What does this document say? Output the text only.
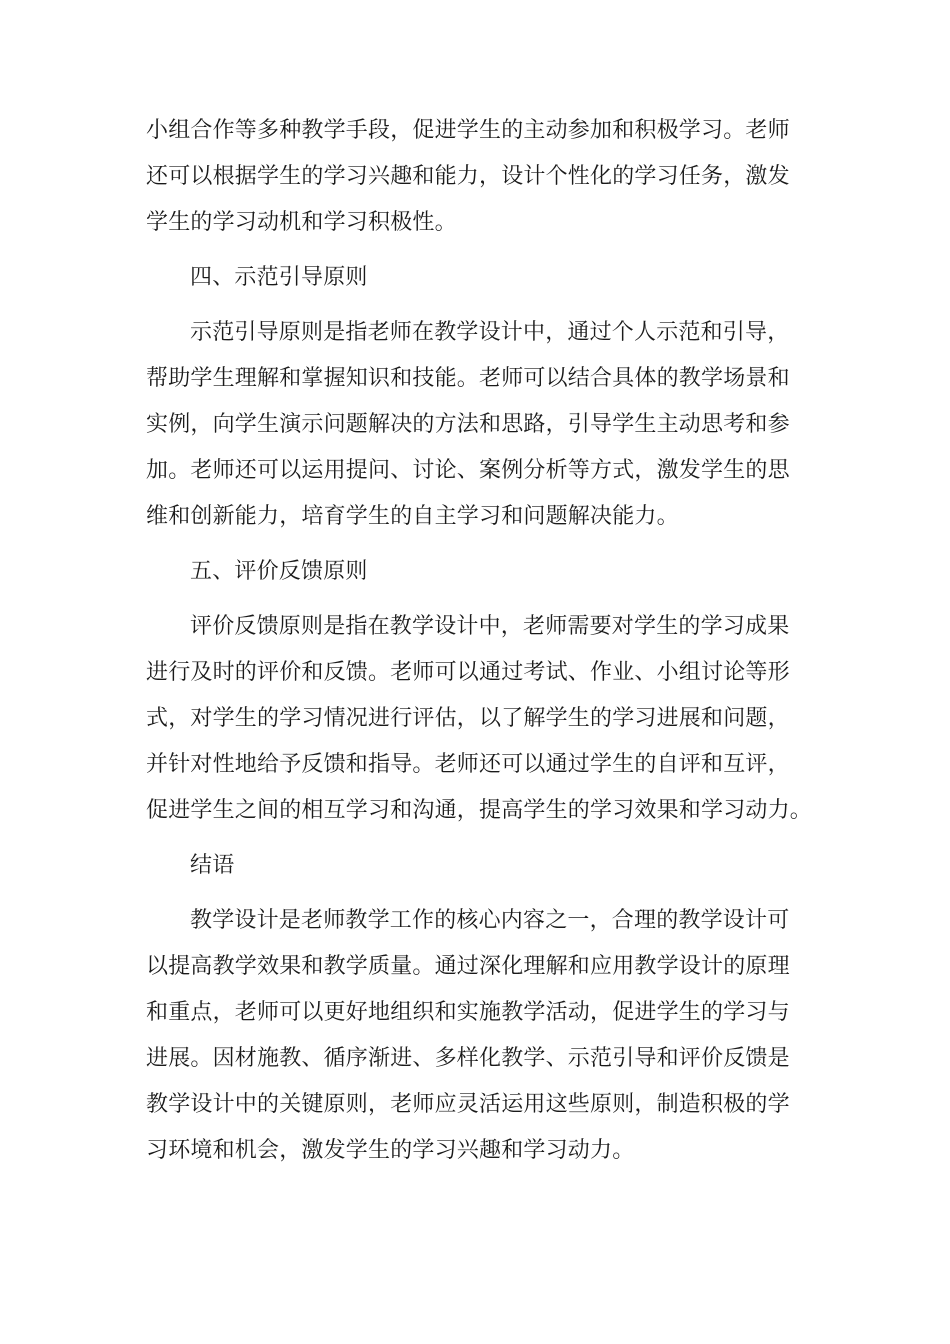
小组合作等多种教学手段，促进学生的主动参加和积极学习。老师
还可以根据学生的学习兴趣和能力，设计个性化的学习任务，激发
学生的学习动机和学习积极性。
四、示范引导原则
示范引导原则是指老师在教学设计中，通过个人示范和引导，
帮助学生理解和掌握知识和技能。老师可以结合具体的教学场景和
实例，向学生演示问题解决的方法和思路，引导学生主动思考和参
加。老师还可以运用提问、讨论、案例分析等方式，激发学生的思
维和创新能力，培育学生的自主学习和问题解决能力。
五、评价反馈原则
评价反馈原则是指在教学设计中，老师需要对学生的学习成果
进行及时的评价和反馈。老师可以通过考试、作业、小组讨论等形
式，对学生的学习情况进行评估，以了解学生的学习进展和问题，
并针对性地给予反馈和指导。老师还可以通过学生的自评和互评，
促进学生之间的相互学习和沟通，提高学生的学习效果和学习动力。
结语
教学设计是老师教学工作的核心内容之一，合理的教学设计可
以提高教学效果和教学质量。通过深化理解和应用教学设计的原理
和重点，老师可以更好地组织和实施教学活动，促进学生的学习与
进展。因材施教、循序渐进、多样化教学、示范引导和评价反馈是
教学设计中的关键原则，老师应灵活运用这些原则，制造积极的学
习环境和机会，激发学生的学习兴趣和学习动力。
